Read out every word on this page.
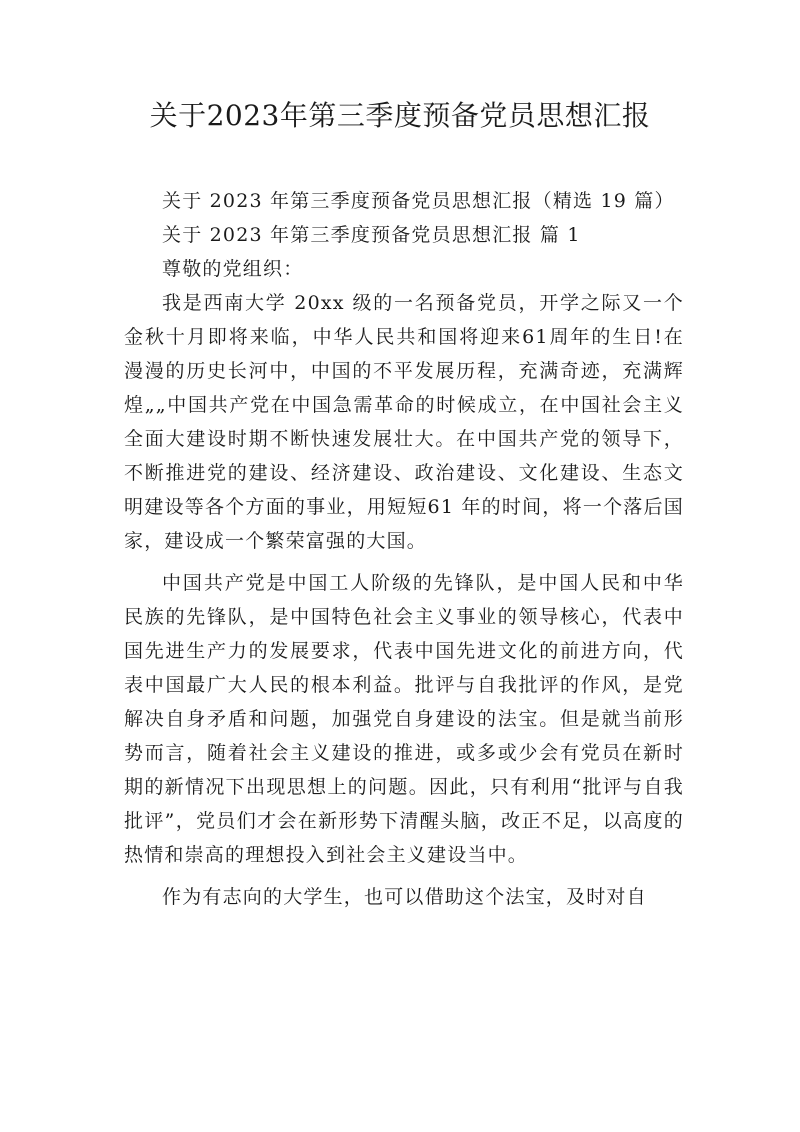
关于2023年第三季度预备党员思想汇报

关于 2023 年第三季度预备党员思想汇报（精选 19 篇）

关于 2023 年第三季度预备党员思想汇报 篇 1

尊敬的党组织：

我是西南大学 20xx 级的一名预备党员，开学之际又一个金秋十月即将来临，中华人民共和国将迎来61周年的生日!在漫漫的历史长河中，中国的不平发展历程，充满奇迹，充满辉煌„„中国共产党在中国急需革命的时候成立，在中国社会主义全面大建设时期不断快速发展壮大。在中国共产党的领导下，不断推进党的建设、经济建设、政治建设、文化建设、生态文明建设等各个方面的事业，用短短61 年的时间，将一个落后国家，建设成一个繁荣富强的大国。

中国共产党是中国工人阶级的先锋队，是中国人民和中华民族的先锋队，是中国特色社会主义事业的领导核心，代表中国先进生产力的发展要求，代表中国先进文化的前进方向，代表中国最广大人民的根本利益。批评与自我批评的作风，是党解决自身矛盾和问题，加强党自身建设的法宝。但是就当前形势而言，随着社会主义建设的推进，或多或少会有党员在新时期的新情况下出现思想上的问题。因此，只有利用“批评与自我批评”，党员们才会在新形势下清醒头脑，改正不足，以高度的热情和崇高的理想投入到社会主义建设当中。

作为有志向的大学生，也可以借助这个法宝，及时对自
